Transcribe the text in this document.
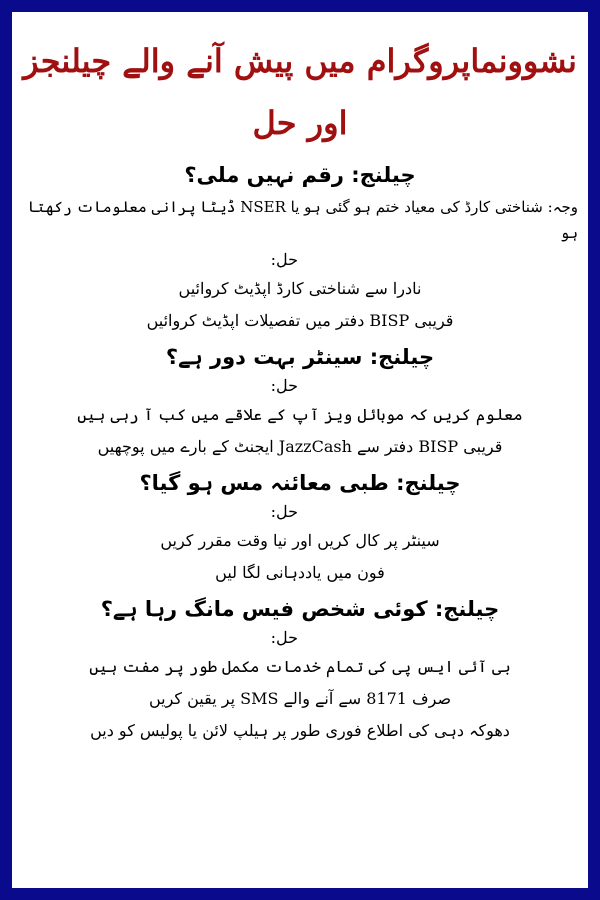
نشوونماپروگرام میں پیش آنے والے چیلنجز اور حل
چیلنج: رقم نہیں ملی؟
وجہ: شناختی کارڈ کی معیاد ختم ہو گئی ہو یا NSER ڈیٹا پرانی معلومات رکھتا ہو
حل:
نادرا سے شناختی کارڈ اپڈیٹ کروائیں
قریبی BISP دفتر میں تفصیلات اپڈیٹ کروائیں
چیلنج: سینٹر بہت دور ہے؟
حل:
معلوم کریں کہ موبائل ویز آپ کے علاقے میں کب آ رہی ہیں
قریبی BISP دفتر سے JazzCash ایجنٹ کے بارے میں پوچھیں
چیلنج: طبی معائنہ مس ہو گیا؟
حل:
سینٹر پر کال کریں اور نیا وقت مقرر کریں
فون میں یاددہانی لگا لیں
چیلنج: کوئی شخص فیس مانگ رہا ہے؟
حل:
بی آئی ایس پی کی تمام خدمات مکمل طور پر مفت ہیں
صرف 8171 سے آنے والے SMS پر یقین کریں
دھوکہ دہی کی اطلاع فوری طور پر ہیلپ لائن یا پولیس کو دیں
